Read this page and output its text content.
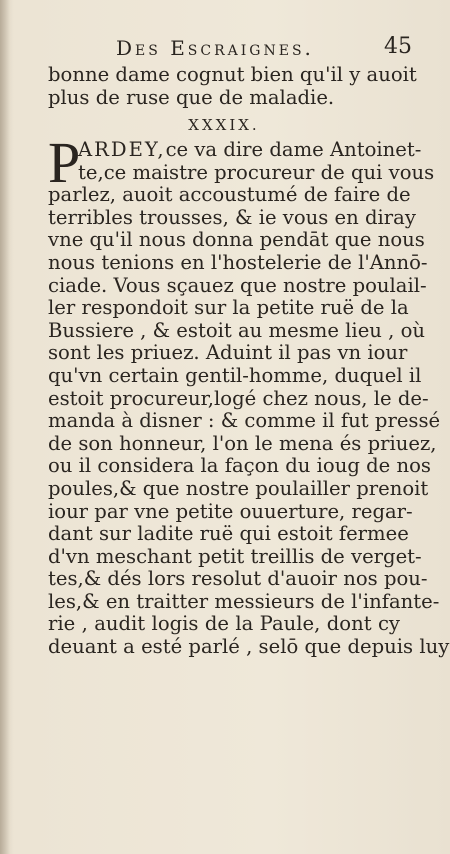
Des Escraignes.	45
bonne dame cognut bien qu'il y auoit
plus de ruse que de maladie.
XXXIX.
P
ARDEY,ce va dire dame Antoinet-
te,ce maistre procureur de qui vous
parlez, auoit accoustumé de faire de
terribles trousses, & ie vous en diray
vne qu'il nous donna pendāt que nous
nous tenions en l'hostelerie de l'Annō-
ciade. Vous sçauez que nostre poulail-
ler respondoit sur la petite ruë de la
Bussiere , & estoit au mesme lieu , où
sont les priuez. Aduint il pas vn iour
qu'vn certain gentil-homme, duquel il
estoit procureur,logé chez nous, le de-
manda à disner : & comme il fut pressé
de son honneur, l'on le mena és priuez,
ou il considera la façon du ioug de nos
poules,& que nostre poulailler prenoit
iour par vne petite ouuerture, regar-
dant sur ladite ruë qui estoit fermee
d'vn meschant petit treillis de verget-
tes,& dés lors resolut d'auoir nos pou-
les,& en traitter messieurs de l'infante-
rie , audit logis de la Paule, dont cy
deuant a esté parlé , selō que depuis luy
